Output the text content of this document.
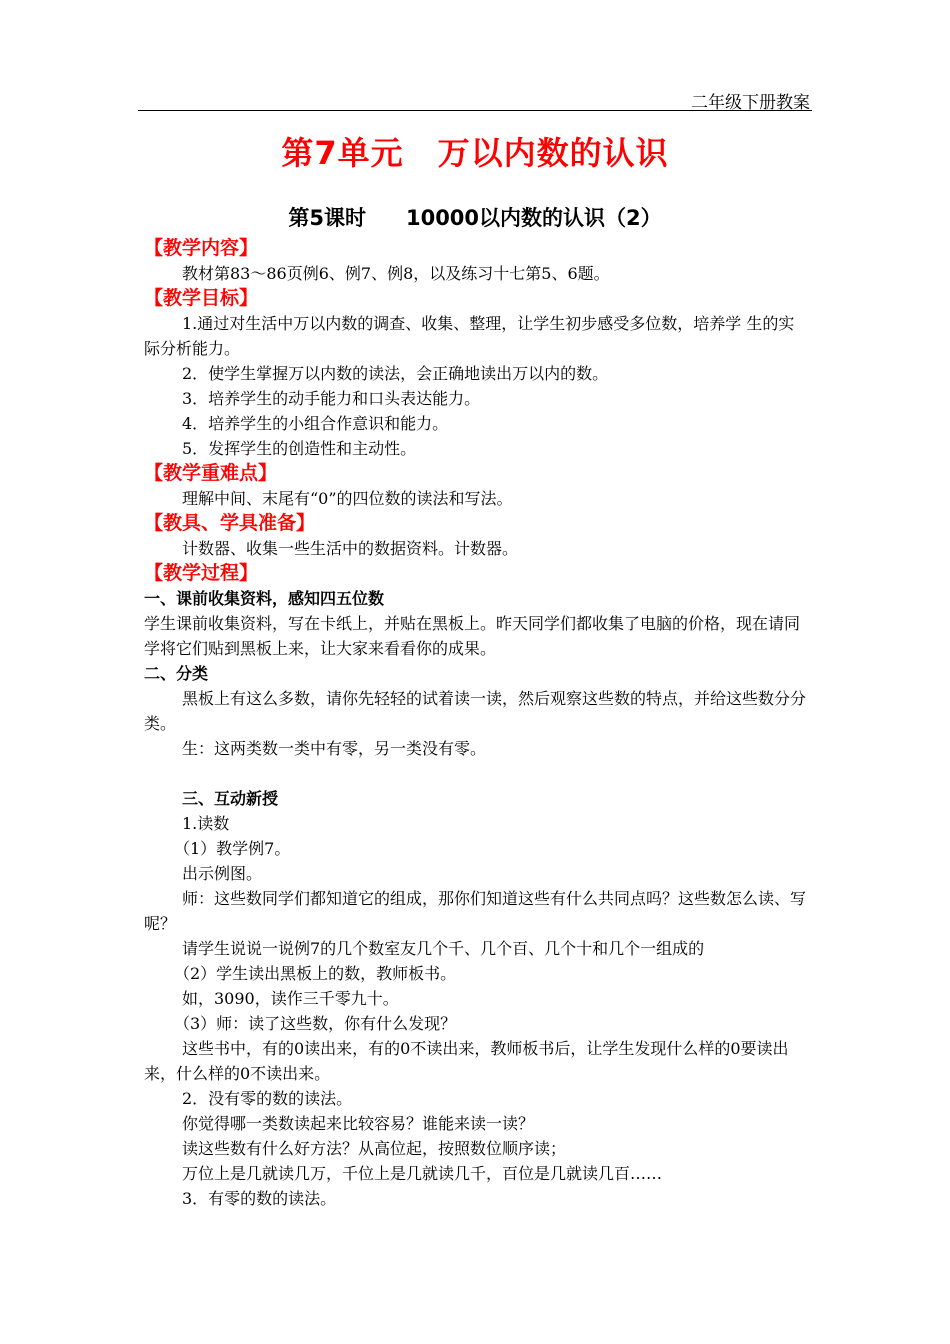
二年级下册教案
第7单元 万以内数的认识
第5课时 10000以内数的认识（2）
【教学内容】
教材第83～86页例6、例7、例8，以及练习十七第5、6题。
【教学目标】
1.通过对生活中万以内数的调查、收集、整理，让学生初步感受多位数，培养学 生的实际分析能力。
2．使学生掌握万以内数的读法，会正确地读出万以内的数。
3．培养学生的动手能力和口头表达能力。
4．培养学生的小组合作意识和能力。
5．发挥学生的创造性和主动性。
【教学重难点】
理解中间、末尾有“0”的四位数的读法和写法。
【教具、学具准备】
计数器、收集一些生活中的数据资料。计数器。
【教学过程】
一、课前收集资料，感知四五位数
学生课前收集资料，写在卡纸上，并贴在黑板上。昨天同学们都收集了电脑的价格，现在请同学将它们贴到黑板上来，让大家来看看你的成果。
二、分类
黑板上有这么多数，请你先轻轻的试着读一读，然后观察这些数的特点，并给这些数分分类。
生：这两类数一类中有零，另一类没有零。
三、互动新授
1.读数
（1）教学例7。
出示例图。
师：这些数同学们都知道它的组成，那你们知道这些有什么共同点吗？这些数怎么读、写呢？
请学生说说一说例7的几个数室友几个千、几个百、几个十和几个一组成的
（2）学生读出黑板上的数，教师板书。
如，3090，读作三千零九十。
（3）师：读了这些数，你有什么发现？
这些书中，有的0读出来，有的0不读出来，教师板书后，让学生发现什么样的0要读出来，什么样的0不读出来。
2．没有零的数的读法。
你觉得哪一类数读起来比较容易？谁能来读一读？
读这些数有什么好方法？从高位起，按照数位顺序读；
万位上是几就读几万，千位上是几就读几千，百位是几就读几百……
3．有零的数的读法。
